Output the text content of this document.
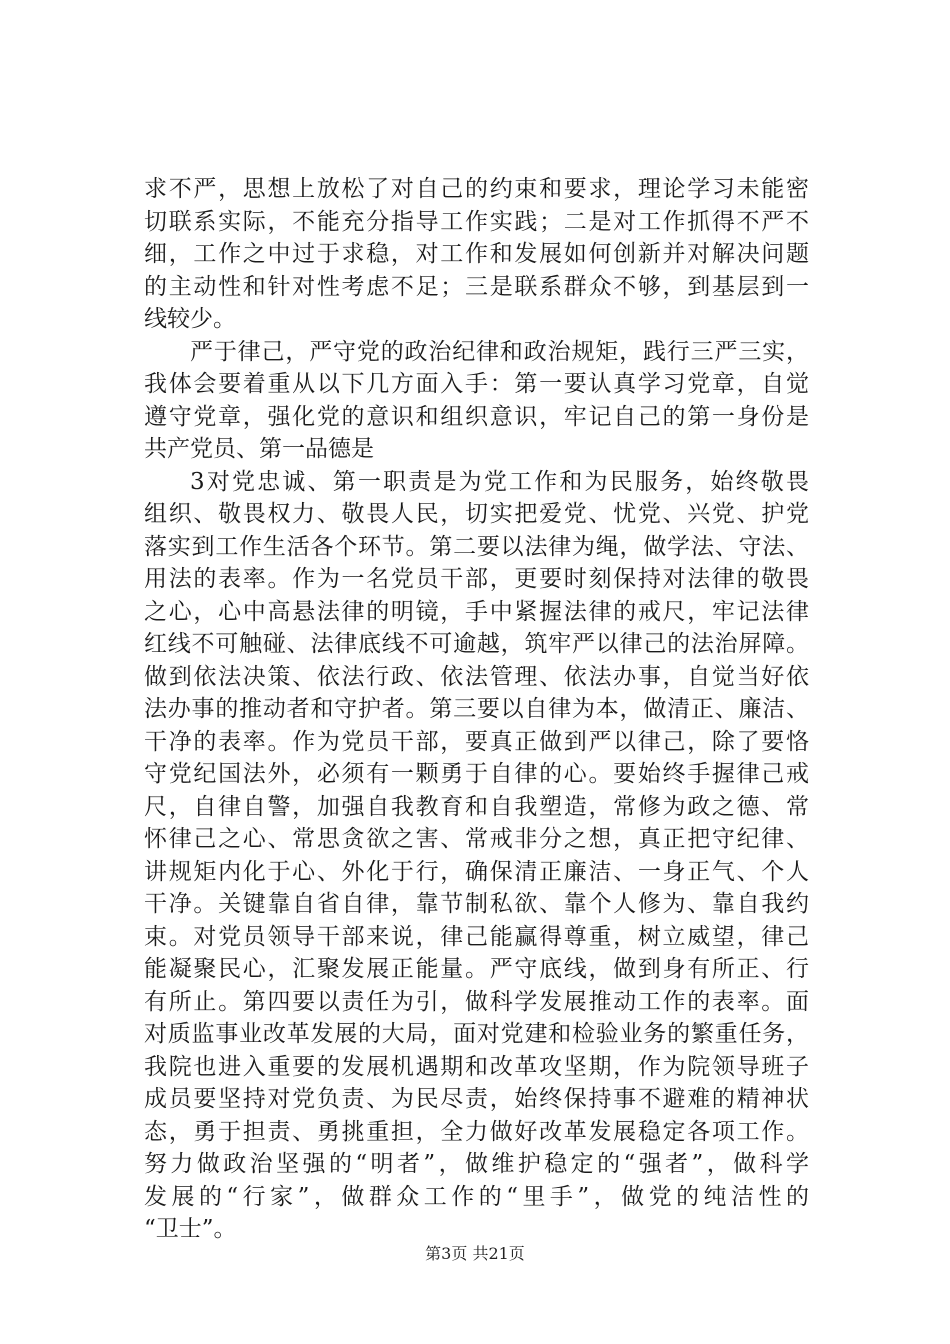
求不严，思想上放松了对自己的约束和要求，理论学习未能密
切联系实际，不能充分指导工作实践；二是对工作抓得不严不
细，工作之中过于求稳，对工作和发展如何创新并对解决问题
的主动性和针对性考虑不足；三是联系群众不够，到基层到一
线较少。
严于律己，严守党的政治纪律和政治规矩，践行三严三实，
我体会要着重从以下几方面入手：第一要认真学习党章，自觉
遵守党章，强化党的意识和组织意识，牢记自己的第一身份是
共产党员、第一品德是
3对党忠诚、第一职责是为党工作和为民服务，始终敬畏
组织、敬畏权力、敬畏人民，切实把爱党、忧党、兴党、护党
落实到工作生活各个环节。第二要以法律为绳，做学法、守法、
用法的表率。作为一名党员干部，更要时刻保持对法律的敬畏
之心，心中高悬法律的明镜，手中紧握法律的戒尺，牢记法律
红线不可触碰、法律底线不可逾越，筑牢严以律己的法治屏障。
做到依法决策、依法行政、依法管理、依法办事，自觉当好依
法办事的推动者和守护者。第三要以自律为本，做清正、廉洁、
干净的表率。作为党员干部，要真正做到严以律己，除了要恪
守党纪国法外，必须有一颗勇于自律的心。要始终手握律己戒
尺，自律自警，加强自我教育和自我塑造，常修为政之德、常
怀律己之心、常思贪欲之害、常戒非分之想，真正把守纪律、
讲规矩内化于心、外化于行，确保清正廉洁、一身正气、个人
干净。关键靠自省自律，靠节制私欲、靠个人修为、靠自我约
束。对党员领导干部来说，律己能赢得尊重，树立威望，律己
能凝聚民心，汇聚发展正能量。严守底线，做到身有所正、行
有所止。第四要以责任为引，做科学发展推动工作的表率。面
对质监事业改革发展的大局，面对党建和检验业务的繁重任务，
我院也进入重要的发展机遇期和改革攻坚期，作为院领导班子
成员要坚持对党负责、为民尽责，始终保持事不避难的精神状
态，勇于担责、勇挑重担，全力做好改革发展稳定各项工作。
努力做政治坚强的“明者”，做维护稳定的“强者”，做科学
发展的“行家”，做群众工作的“里手”，做党的纯洁性的
“卫士”。
第3页 共21页
